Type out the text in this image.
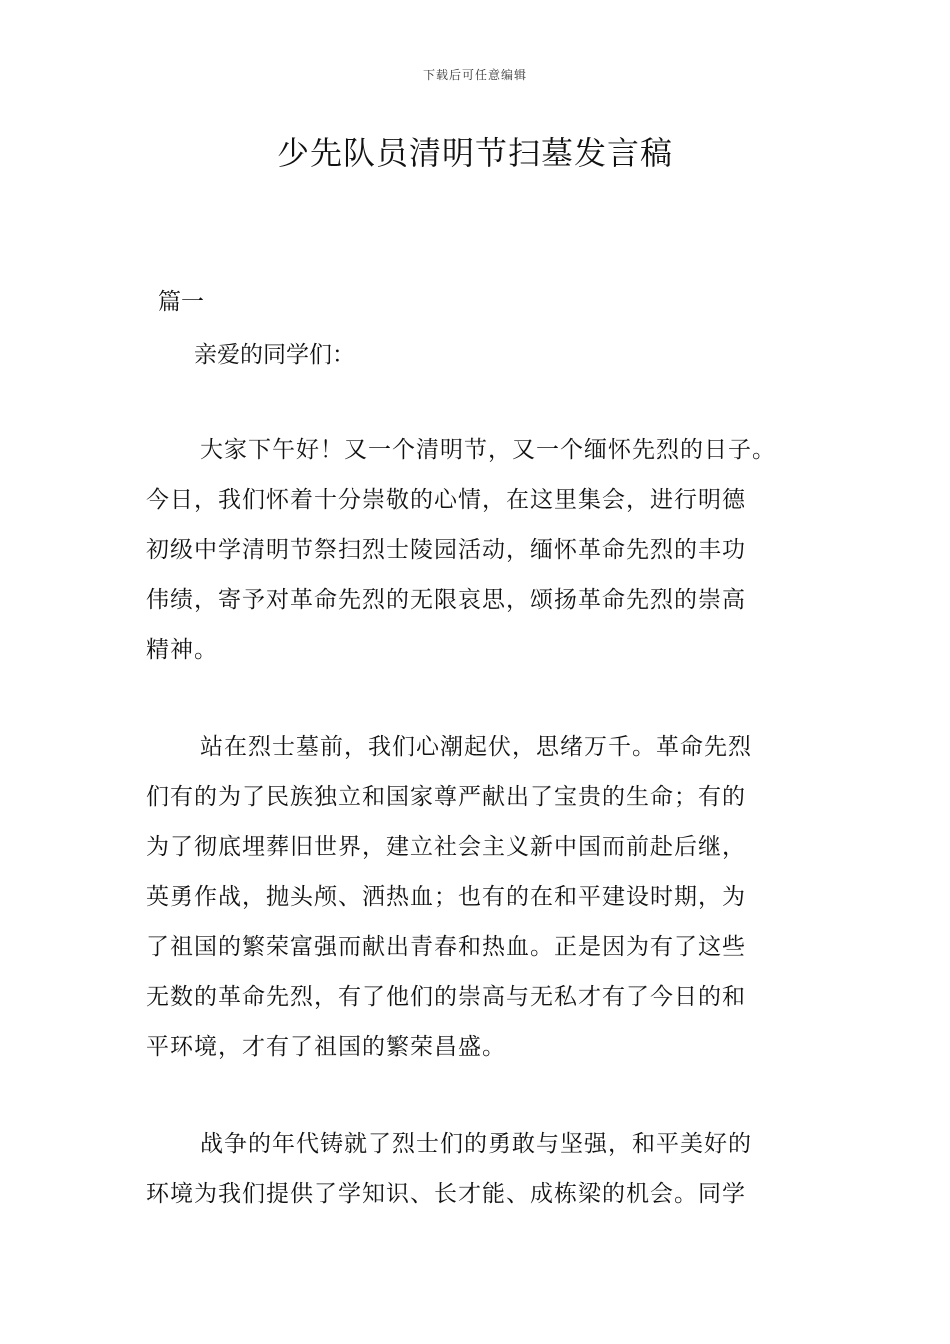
下载后可任意编辑
少先队员清明节扫墓发言稿
篇一
亲爱的同学们：

大家下午好！又一个清明节，又一个缅怀先烈的日子。
今日，我们怀着十分崇敬的心情，在这里集会，进行明德
初级中学清明节祭扫烈士陵园活动，缅怀革命先烈的丰功
伟绩，寄予对革命先烈的无限哀思，颂扬革命先烈的崇高
精神。

站在烈士墓前，我们心潮起伏，思绪万千。革命先烈
们有的为了民族独立和国家尊严献出了宝贵的生命；有的
为了彻底埋葬旧世界，建立社会主义新中国而前赴后继，
英勇作战，抛头颅、洒热血；也有的在和平建设时期，为
了祖国的繁荣富强而献出青春和热血。正是因为有了这些
无数的革命先烈，有了他们的崇高与无私才有了今日的和
平环境，才有了祖国的繁荣昌盛。

战争的年代铸就了烈士们的勇敢与坚强，和平美好的
环境为我们提供了学知识、长才能、成栋梁的机会。同学
